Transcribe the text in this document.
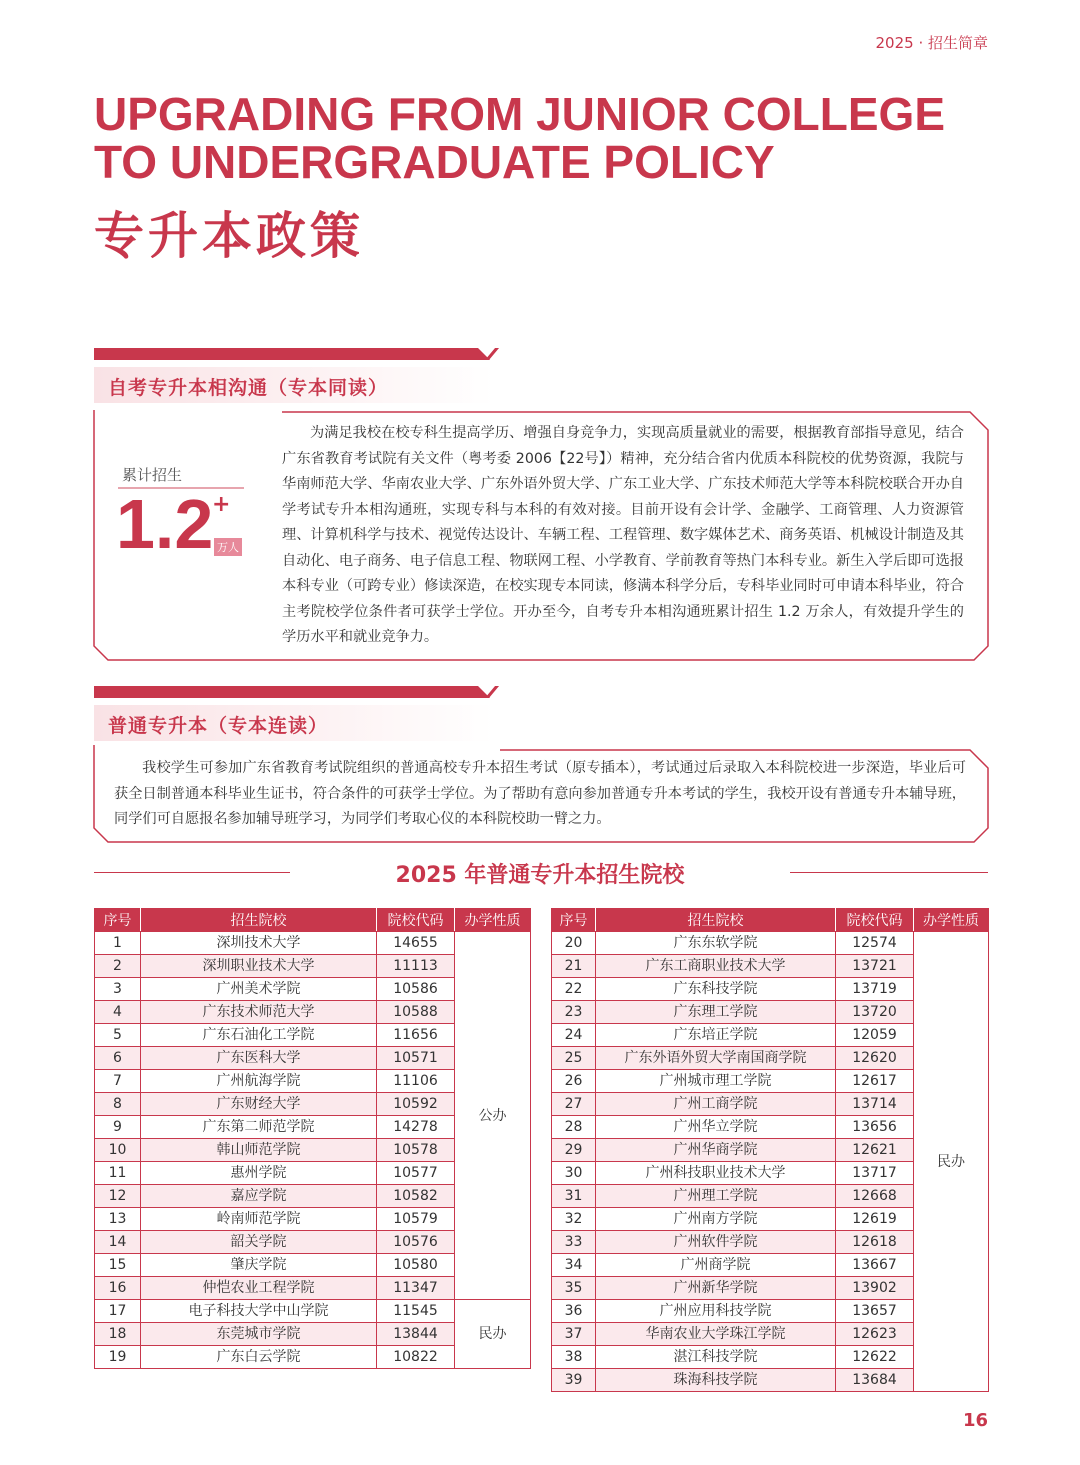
2025 · 招生简章
UPGRADING FROM JUNIOR COLLEGE
TO UNDERGRADUATE POLICY
专升本政策
自考专升本相沟通（专本同读）
累计招生
1.2
+
万人
为满足我校在校专科生提高学历、增强自身竞争力，实现高质量就业的需要，根据教育部指导意见，结合广东省教育考试院有关文件（粤考委 2006【22号】）精神，充分结合省内优质本科院校的优势资源，我院与华南师范大学、华南农业大学、广东外语外贸大学、广东工业大学、广东技术师范大学等本科院校联合开办自学考试专升本相沟通班，实现专科与本科的有效对接。目前开设有会计学、金融学、工商管理、人力资源管理、计算机科学与技术、视觉传达设计、车辆工程、工程管理、数字媒体艺术、商务英语、机械设计制造及其自动化、电子商务、电子信息工程、物联网工程、小学教育、学前教育等热门本科专业。新生入学后即可选报本科专业（可跨专业）修读深造，在校实现专本同读，修满本科学分后，专科毕业同时可申请本科毕业，符合主考院校学位条件者可获学士学位。开办至今，自考专升本相沟通班累计招生 1.2 万余人，有效提升学生的学历水平和就业竞争力。
普通专升本（专本连读）
我校学生可参加广东省教育考试院组织的普通高校专升本招生考试（原专插本），考试通过后录取入本科院校进一步深造，毕业后可获全日制普通本科毕业生证书，符合条件的可获学士学位。为了帮助有意向参加普通专升本考试的学生，我校开设有普通专升本辅导班，同学们可自愿报名参加辅导班学习，为同学们考取心仪的本科院校助一臂之力。
2025 年普通专升本招生院校
序号	招生院校	院校代码	办学性质
1	深圳技术大学	14655	公办
2	深圳职业技术大学	11113	
3	广州美术学院	10586	
4	广东技术师范大学	10588	
5	广东石油化工学院	11656	
6	广东医科大学	10571	
7	广州航海学院	11106	
8	广东财经大学	10592	
9	广东第二师范学院	14278	
10	韩山师范学院	10578	
11	惠州学院	10577	
12	嘉应学院	10582	
13	岭南师范学院	10579	
14	韶关学院	10576	
15	肇庆学院	10580	
16	仲恺农业工程学院	11347	
17	电子科技大学中山学院	11545	民办
18	东莞城市学院	13844	
19	广东白云学院	10822	
序号	招生院校	院校代码	办学性质
20	广东东软学院	12574	民办
21	广东工商职业技术大学	13721	
22	广东科技学院	13719	
23	广东理工学院	13720	
24	广东培正学院	12059	
25	广东外语外贸大学南国商学院	12620	
26	广州城市理工学院	12617	
27	广州工商学院	13714	
28	广州华立学院	13656	
29	广州华商学院	12621	
30	广州科技职业技术大学	13717	
31	广州理工学院	12668	
32	广州南方学院	12619	
33	广州软件学院	12618	
34	广州商学院	13667	
35	广州新华学院	13902	
36	广州应用科技学院	13657	
37	华南农业大学珠江学院	12623	
38	湛江科技学院	12622	
39	珠海科技学院	13684	
16
